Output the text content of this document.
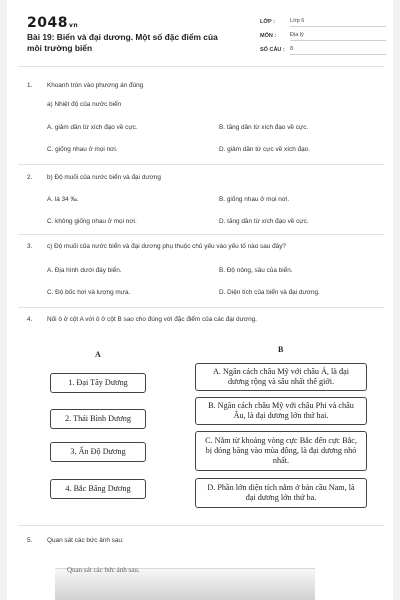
2048vn
Bài 19: Biển và đại dương. Một số đặc điểm của môi trường biển
LỚP :	Lớp 6
MÔN :	Địa lý
SỐ CÂU : 8
1. Khoanh tròn vào phương án đúng
a) Nhiệt độ của nước biển
A. giảm dần từ xích đạo về cực.	B. tăng dần từ xích đạo về cực.
C. giống nhau ở mọi nơi.	D. giảm dần từ cực về xích đạo.
2. b) Độ muối của nước biển và đại dương
A. là 34 ‰.	B. giống nhau ở mọi nơi.
C. không giống nhau ở mọi nơi.	D. tăng dần từ xích đạo về cực.
3. c) Độ muối của nước biển và đại dương phụ thuộc chủ yếu vào yếu tố nào sau đây?
A. Địa hình dưới đáy biển.	B. Độ nông, sâu của biển.
C. Độ bốc hơi và lượng mưa.	D. Diện tích của biển và đại dương.
4. Nối ô ở cột A với ô ở cột B sao cho đúng với đặc điểm của các đại dương.
A
B
1. Đại Tây Dương
2. Thái Bình Dương
3. Ấn Độ Dương
4. Bắc Băng Dương
A. Ngăn cách châu Mỹ với châu Á, là đại dương rộng và sâu nhất thế giới.
B. Ngăn cách châu Mỹ với châu Phi và châu Âu, là đại dương lớn thứ hai.
C. Nằm từ khoảng vòng cực Bắc đến cực Bắc, bị đóng băng vào mùa đông, là đại dương nhỏ nhất.
D. Phần lớn diện tích nằm ở bán cầu Nam, là đại dương lớn thứ ba.
5. Quan sát các bức ảnh sau:
Quan sát các bức ảnh sau.
